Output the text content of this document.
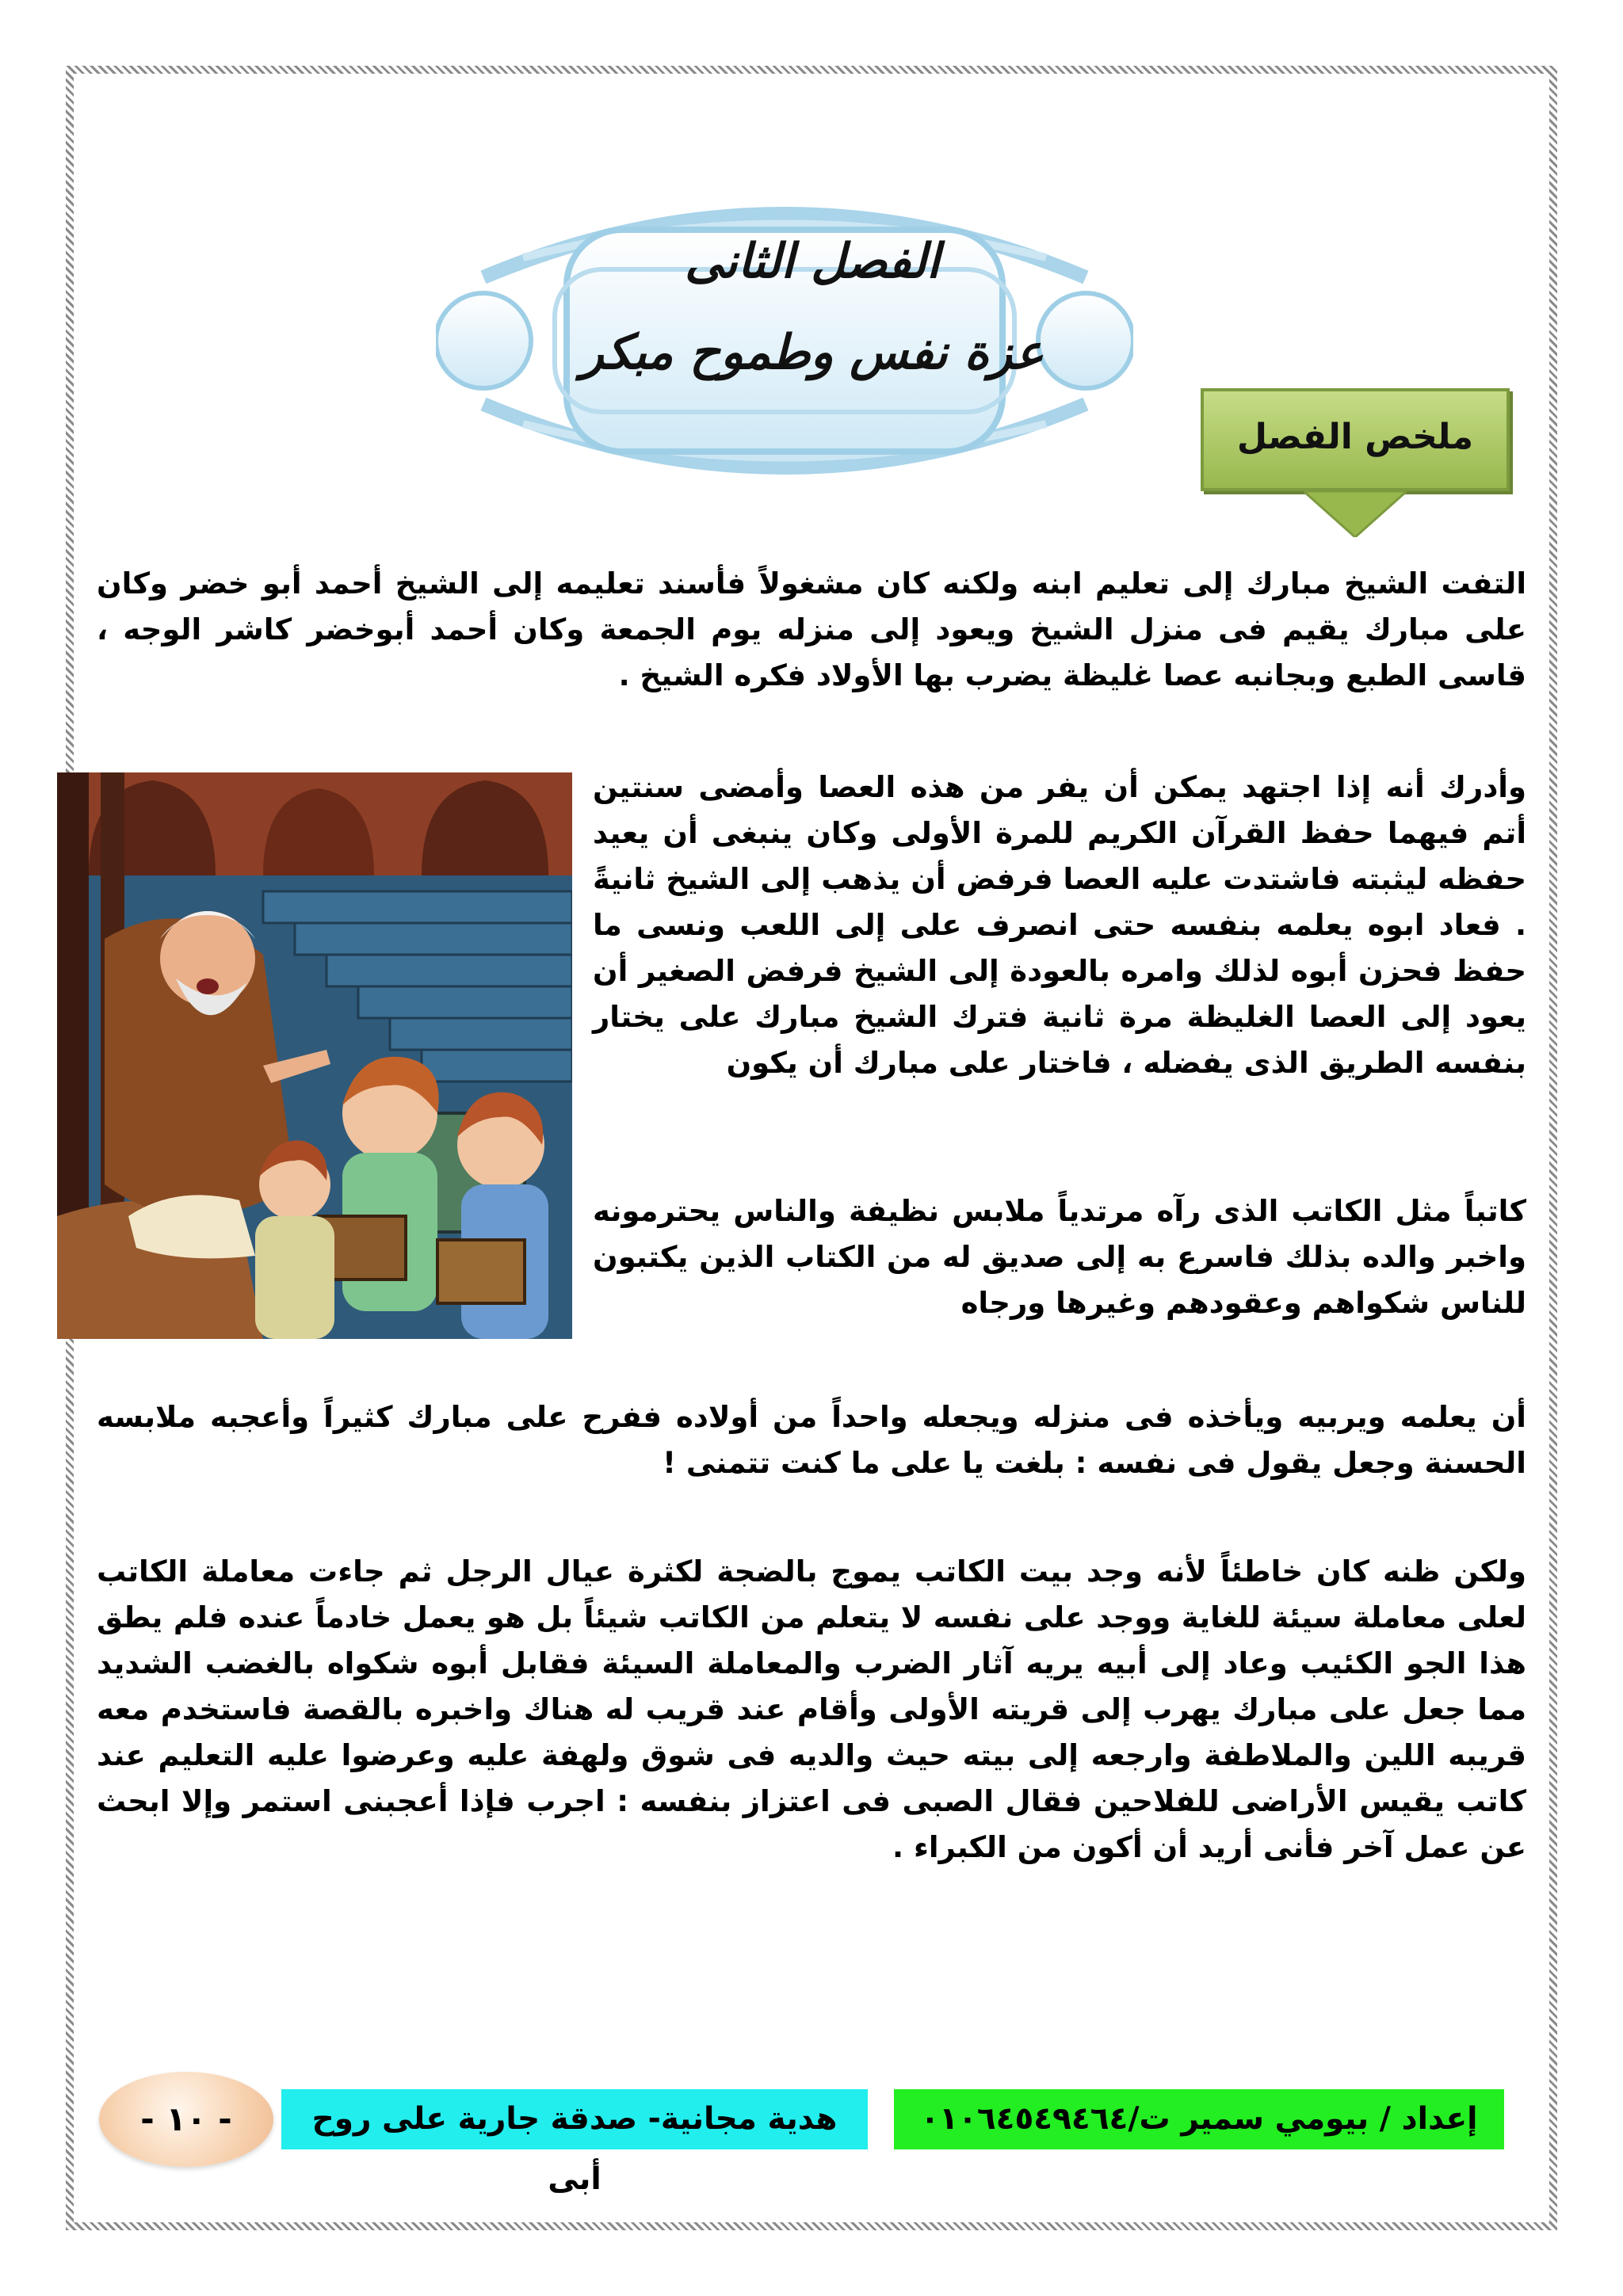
الفصل الثانى
عزة نفس وطموح مبكر
ملخص الفصل
التفت الشيخ مبارك إلى تعليم ابنه ولكنه كان مشغولاً فأسند تعليمه إلى الشيخ أحمد أبو خضر وكان على مبارك يقيم فى منزل الشيخ ويعود إلى منزله يوم الجمعة وكان أحمد أبوخضر كاشر الوجه ، قاسى الطبع وبجانبه عصا غليظة يضرب بها الأولاد فكره الشيخ .
وأدرك أنه إذا اجتهد يمكن أن يفر من هذه العصا وأمضى سنتين أتم فيهما حفظ القرآن الكريم للمرة الأولى وكان ينبغى أن يعيد حفظه ليثبته فاشتدت عليه العصا فرفض أن يذهب إلى الشيخ ثانيةً . فعاد ابوه يعلمه بنفسه حتى انصرف على إلى اللعب ونسى ما حفظ فحزن أبوه لذلك وامره بالعودة إلى الشيخ فرفض الصغير أن يعود إلى العصا الغليظة مرة ثانية فترك الشيخ مبارك على يختار بنفسه الطريق الذى يفضله ، فاختار على مبارك أن يكون
كاتباً مثل الكاتب الذى رآه مرتدياً ملابس نظيفة والناس يحترمونه واخبر والده بذلك فاسرع به إلى صديق له من الكتاب الذين يكتبون للناس شكواهم وعقودهم وغيرها ورجاه
أن يعلمه ويربيه ويأخذه فى منزله ويجعله واحداً من أولاده ففرح على مبارك كثيراً وأعجبه ملابسه الحسنة وجعل يقول فى نفسه : بلغت يا على ما كنت تتمنى !
ولكن ظنه كان خاطئاً لأنه وجد بيت الكاتب يموج بالضجة لكثرة عيال الرجل ثم جاءت معاملة الكاتب لعلى معاملة سيئة للغاية ووجد على نفسه لا يتعلم من الكاتب شيئاً بل هو يعمل خادماً عنده فلم يطق هذا الجو الكئيب وعاد إلى أبيه يريه آثار الضرب والمعاملة السيئة فقابل أبوه شكواه بالغضب الشديد مما جعل على مبارك يهرب إلى قريته الأولى وأقام عند قريب له هناك واخبره بالقصة فاستخدم معه قريبه اللين والملاطفة وارجعه إلى بيته حيث والديه فى شوق ولهفة عليه وعرضوا عليه التعليم عند كاتب يقيس الأراضى للفلاحين فقال الصبى فى اعتزاز بنفسه : اجرب فإذا أعجبنى استمر وإلا ابحث عن عمل آخر فأنى أريد أن أكون من الكبراء .
إعداد / بيومي سمير ت/٠١٠٦٤٥٤٩٤٦٤
هدية مجانية- صدقة جارية على روح أبى
- ١٠ -
